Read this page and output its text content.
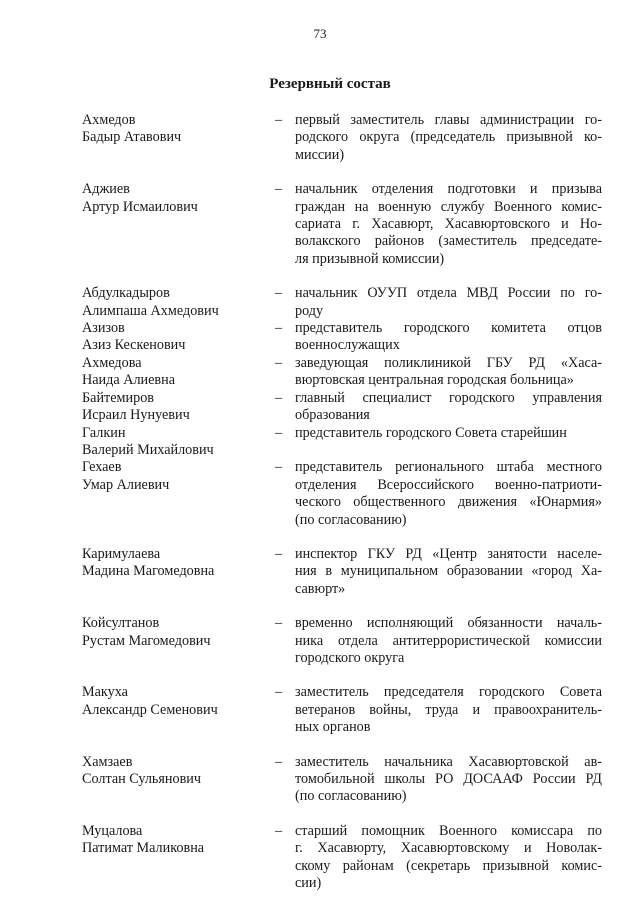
73
Резервный состав
Ахмедов
Бадыр Атавович
– первый заместитель главы администрации го-
родского округа (председатель призывной ко-
миссии)
Аджиев
Артур Исмаилович
– начальник отделения подготовки и призыва
граждан на военную службу Военного комис-
сариата г. Хасавюрт, Хасавюртовского и Но-
волакского районов (заместитель председате-
ля призывной комиссии)
Абдулкадыров
Алимпаша Ахмедович
– начальник ОУУП отдела МВД России по го-
роду
Азизов
Азиз Кескенович
– представитель городского комитета отцов
военнослужащих
Ахмедова
Наида Алиевна
– заведующая поликлиникой ГБУ РД «Хаса-
вюртовская центральная городская больница»
Байтемиров
Исраил Нунуевич
– главный специалист городского управления
образования
Галкин
Валерий Михайлович
– представитель городского Совета старейшин
Гехаев
Умар Алиевич
– представитель регионального штаба местного
отделения Всероссийского военно-патриоти-
ческого общественного движения «Юнармия»
(по согласованию)
Каримулаева
Мадина Магомедовна
– инспектор ГКУ РД «Центр занятости населе-
ния в муниципальном образовании «город Ха-
савюрт»
Койсултанов
Рустам Магомедович
– временно исполняющий обязанности началь-
ника отдела антитеррористической комиссии
городского округа
Макуха
Александр Семенович
– заместитель председателя городского Совета
ветеранов войны, труда и правоохранитель-
ных органов
Хамзаев
Солтан Сульянович
– заместитель начальника Хасавюртовской ав-
томобильной школы РО ДОСААФ России РД
(по согласованию)
Муцалова
Патимат Маликовна
– старший помощник Военного комиссара по
г. Хасавюрту, Хасавюртовскому и Новолак-
скому районам (секретарь призывной комис-
сии)
